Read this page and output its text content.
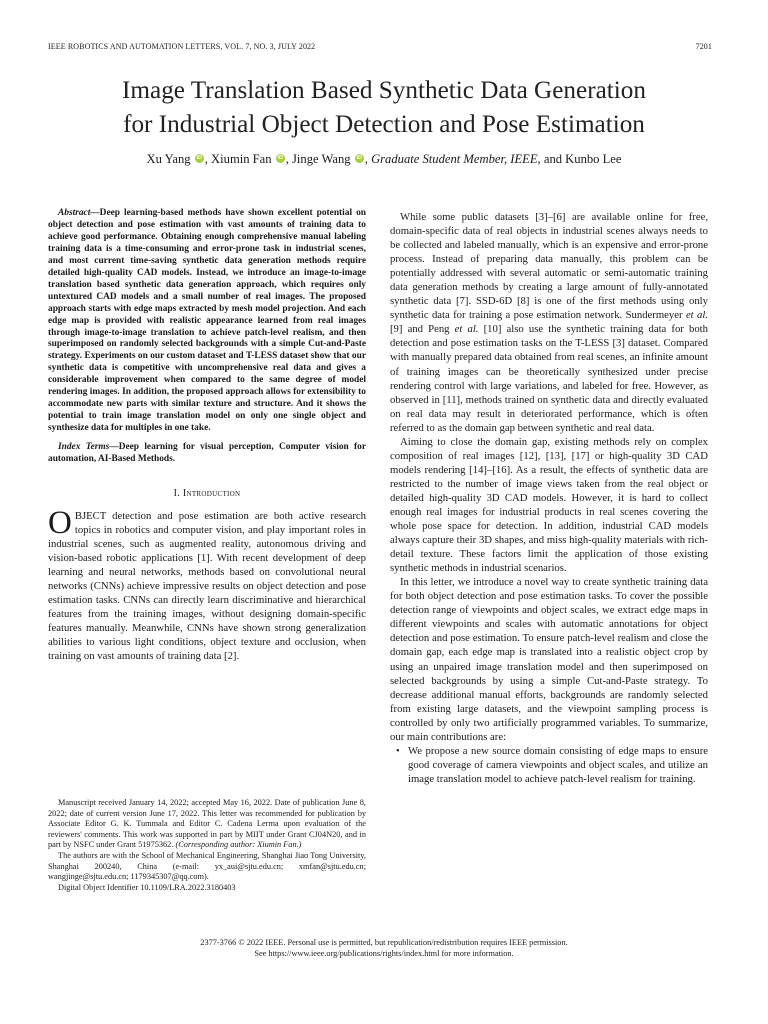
IEEE ROBOTICS AND AUTOMATION LETTERS, VOL. 7, NO. 3, JULY 2022	7201
Image Translation Based Synthetic Data Generation
for Industrial Object Detection and Pose Estimation
Xu Yang iD , Xiumin Fan iD , Jinge Wang iD , Graduate Student Member, IEEE, and Kunbo Lee

Abstract—Deep learning-based methods have shown excellent potential on object detection and pose estimation with vast amounts of training data to achieve good performance. Obtaining enough comprehensive manual labeling training data is a time-consuming and error-prone task in industrial scenes, and most current time-saving synthetic data generation methods require detailed high-quality CAD models. Instead, we introduce an image-to-image translation based synthetic data generation approach, which requires only untextured CAD models and a small number of real images. The proposed approach starts with edge maps extracted by mesh model projection. And each edge map is provided with realistic appearance learned from real images through image-to-image translation to achieve patch-level realism, and then superimposed on randomly selected backgrounds with a simple Cut-and-Paste strategy. Experiments on our custom dataset and T-LESS dataset show that our synthetic data is competitive with uncomprehensive real data and gives a considerable improvement when compared to the same degree of model rendering images. In addition, the proposed approach allows for extensibility to accommodate new parts with similar texture and structure. And it shows the potential to train image translation model on only one single object and synthesize data for multiples in one take.

Index Terms—Deep learning for visual perception, Computer vision for automation, AI-Based Methods.

I. Introduction
OBJECT detection and pose estimation are both active research topics in robotics and computer vision, and play important roles in industrial scenes, such as augmented reality, autonomous driving and vision-based robotic applications [1]. With recent development of deep learning and neural networks, methods based on convolutional neural networks (CNNs) achieve impressive results on object detection and pose estimation tasks. CNNs can directly learn discriminative and hierarchical features from the training images, without designing domain-specific features manually. Meanwhile, CNNs have shown strong generalization abilities to various light conditions, object texture and occlusion, when training on vast amounts of training data [2].

Manuscript received January 14, 2022; accepted May 16, 2022. Date of publication June 8, 2022; date of current version June 17, 2022. This letter was recommended for publication by Associate Editor G. K. Tummala and Editor C. Cadena Lerma upon evaluation of the reviewers' comments. This work was supported in part by MIIT under Grant CJ04N20, and in part by NSFC under Grant 51975362. (Corresponding author: Xiumin Fan.)

The authors are with the School of Mechanical Engineering, Shanghai Jiao Tong University, Shanghai 200240, China (e-mail: yx_aui@sjtu.edu.cn; xmfan@sjtu.edu.cn; wangjinge@sjtu.edu.cn; 1179345307@qq.com).

Digital Object Identifier 10.1109/LRA.2022.3180403

While some public datasets [3]–[6] are available online for free, domain-specific data of real objects in industrial scenes always needs to be collected and labeled manually, which is an expensive and error-prone process. Instead of preparing data manually, this problem can be potentially addressed with several automatic or semi-automatic training data generation methods by creating a large amount of fully-annotated synthetic data [7]. SSD-6D [8] is one of the first methods using only synthetic data for training a pose estimation network. Sundermeyer et al. [9] and Peng et al. [10] also use the synthetic training data for both detection and pose estimation tasks on the T-LESS [3] dataset. Compared with manually prepared data obtained from real scenes, an infinite amount of training images can be theoretically synthesized under precise rendering control with large variations, and labeled for free. However, as observed in [11], methods trained on synthetic data and directly evaluated on real data may result in deteriorated performance, which is often referred to as the domain gap between synthetic and real data.

Aiming to close the domain gap, existing methods rely on complex composition of real images [12], [13], [17] or high-quality 3D CAD models rendering [14]–[16]. As a result, the effects of synthetic data are restricted to the number of image views taken from the real object or detailed high-quality 3D CAD models. However, it is hard to collect enough real images for industrial products in real scenes covering the whole pose space for detection. In addition, industrial CAD models always capture their 3D shapes, and miss high-quality materials with rich-detail texture. These factors limit the application of those existing synthetic methods in industrial scenarios.

In this letter, we introduce a novel way to create synthetic training data for both object detection and pose estimation tasks. To cover the possible detection range of viewpoints and object scales, we extract edge maps in different viewpoints and scales with automatic annotations for object detection and pose estimation. To ensure patch-level realism and close the domain gap, each edge map is translated into a realistic object crop by using an unpaired image translation model and then superimposed on selected backgrounds by using a simple Cut-and-Paste strategy. To decrease additional manual efforts, backgrounds are randomly selected from existing large datasets, and the viewpoint sampling process is controlled by only two artificially programmed variables. To summarize, our main contributions are:

• We propose a new source domain consisting of edge maps to ensure good coverage of camera viewpoints and object scales, and utilize an image translation model to achieve patch-level realism for training.
2377-3766 © 2022 IEEE. Personal use is permitted, but republication/redistribution requires IEEE permission.
See https://www.ieee.org/publications/rights/index.html for more information.
